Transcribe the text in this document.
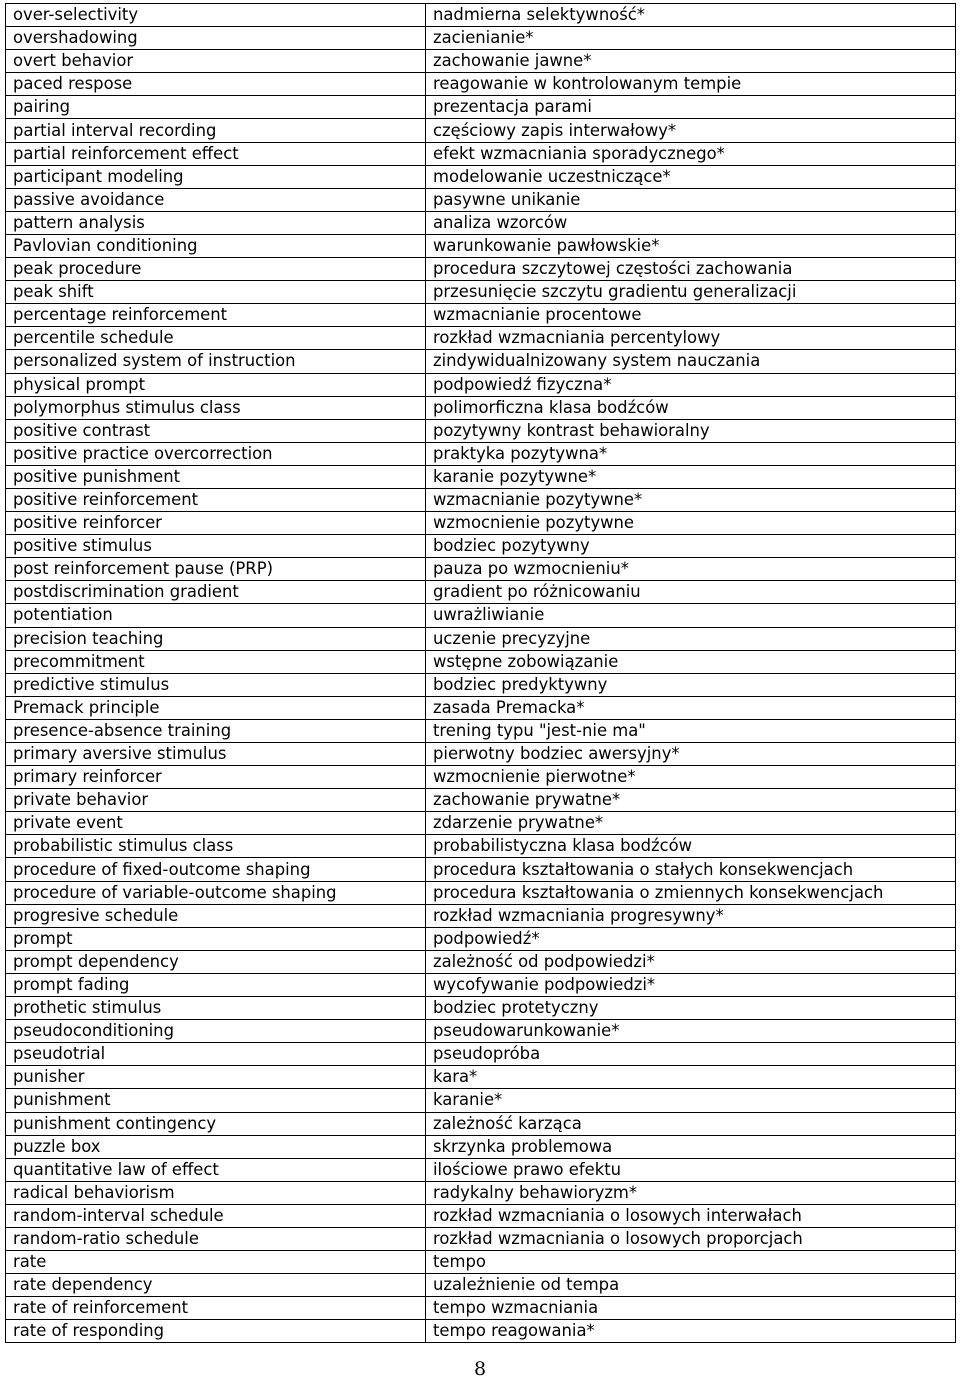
over-selectivity	nadmierna selektywność*
overshadowing	zacienianie*
overt behavior	zachowanie jawne*
paced respose	reagowanie w kontrolowanym tempie
pairing	prezentacja parami
partial interval recording	częściowy zapis interwałowy*
partial reinforcement effect	efekt wzmacniania sporadycznego*
participant modeling	modelowanie uczestniczące*
passive avoidance	pasywne unikanie
pattern analysis	analiza wzorców
Pavlovian conditioning	warunkowanie pawłowskie*
peak procedure	procedura szczytowej częstości zachowania
peak shift	przesunięcie szczytu gradientu generalizacji
percentage reinforcement	wzmacnianie procentowe
percentile schedule	rozkład wzmacniania percentylowy
personalized system of instruction	zindywidualnizowany system nauczania
physical prompt	podpowiedź fizyczna*
polymorphus stimulus class	polimorficzna klasa bodźców
positive contrast	pozytywny kontrast behawioralny
positive practice overcorrection	praktyka pozytywna*
positive punishment	karanie pozytywne*
positive reinforcement	wzmacnianie pozytywne*
positive reinforcer	wzmocnienie pozytywne
positive stimulus	bodziec pozytywny
post reinforcement pause (PRP)	pauza po wzmocnieniu*
postdiscrimination gradient	gradient po różnicowaniu
potentiation	uwrażliwianie
precision teaching	uczenie precyzyjne
precommitment	wstępne zobowiązanie
predictive stimulus	bodziec predyktywny
Premack principle	zasada Premacka*
presence-absence training	trening typu "jest-nie ma"
primary aversive stimulus	pierwotny bodziec awersyjny*
primary reinforcer	wzmocnienie pierwotne*
private behavior	zachowanie prywatne*
private event	zdarzenie prywatne*
probabilistic stimulus class	probabilistyczna klasa bodźców
procedure of fixed-outcome shaping	procedura kształtowania o stałych konsekwencjach
procedure of variable-outcome shaping	procedura kształtowania o zmiennych konsekwencjach
progresive schedule	rozkład wzmacniania progresywny*
prompt	podpowiedź*
prompt dependency	zależność od podpowiedzi*
prompt fading	wycofywanie podpowiedzi*
prothetic stimulus	bodziec protetyczny
pseudoconditioning	pseudowarunkowanie*
pseudotrial	pseudopróba
punisher	kara*
punishment	karanie*
punishment contingency	zależność karząca
puzzle box	skrzynka problemowa
quantitative law of effect	ilościowe prawo efektu
radical behaviorism	radykalny behawioryzm*
random-interval schedule	rozkład wzmacniania o losowych interwałach
random-ratio schedule	rozkład wzmacniania o losowych proporcjach
rate	tempo
rate dependency	uzależnienie od tempa
rate of reinforcement	tempo wzmacniania
rate of responding	tempo reagowania*
8
